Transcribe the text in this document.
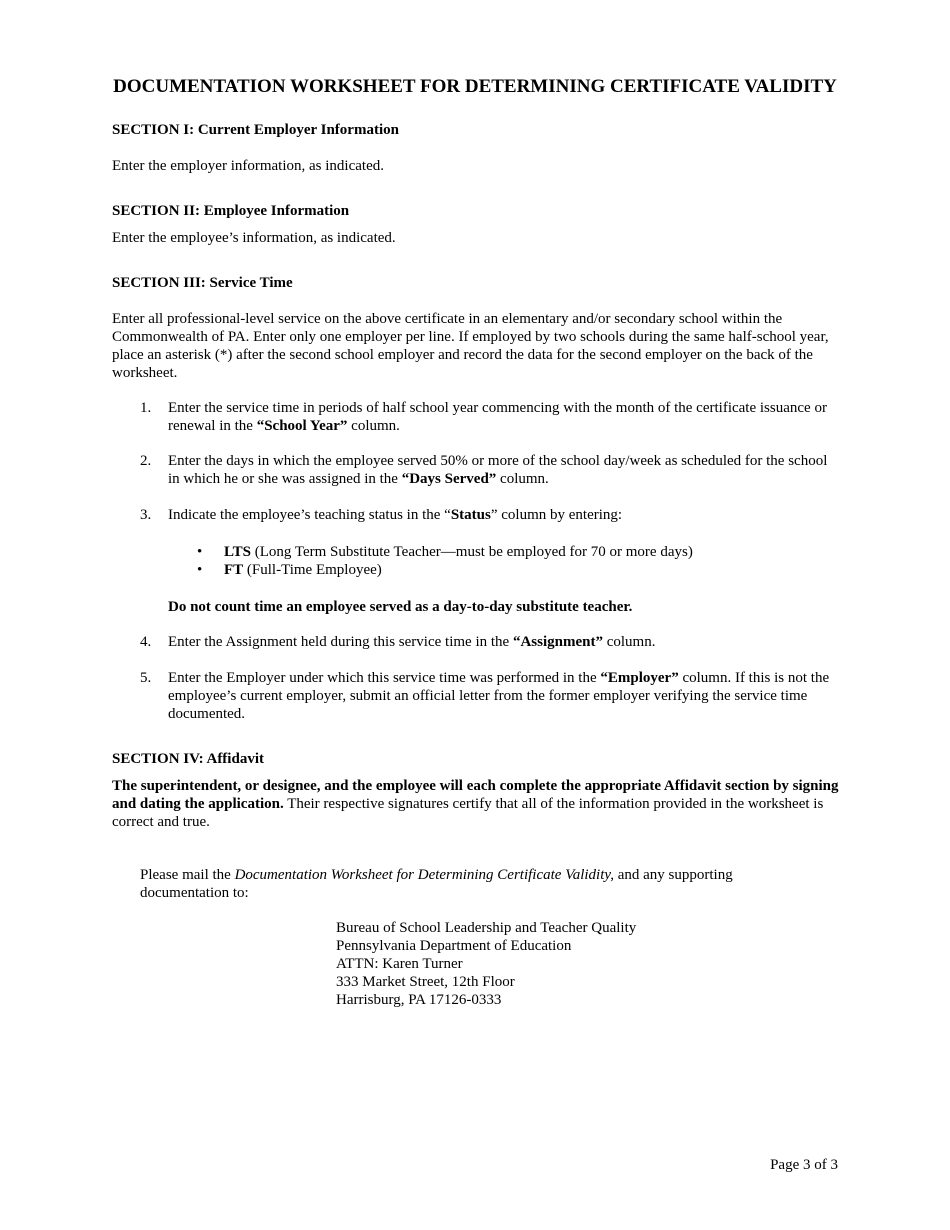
DOCUMENTATION WORKSHEET FOR DETERMINING CERTIFICATE VALIDITY
SECTION I: Current Employer Information
Enter the employer information, as indicated.
SECTION II: Employee Information
Enter the employee’s information, as indicated.
SECTION III: Service Time
Enter all professional-level service on the above certificate in an elementary and/or secondary school within the Commonwealth of PA. Enter only one employer per line. If employed by two schools during the same half-school year, place an asterisk (*) after the second school employer and record the data for the second employer on the back of the worksheet.
1. Enter the service time in periods of half school year commencing with the month of the certificate issuance or renewal in the “School Year” column.
2. Enter the days in which the employee served 50% or more of the school day/week as scheduled for the school in which he or she was assigned in the “Days Served” column.
3. Indicate the employee’s teaching status in the “Status” column by entering:
• LTS (Long Term Substitute Teacher—must be employed for 70 or more days)
• FT (Full-Time Employee)
Do not count time an employee served as a day-to-day substitute teacher.
4. Enter the Assignment held during this service time in the “Assignment” column.
5. Enter the Employer under which this service time was performed in the “Employer” column. If this is not the employee’s current employer, submit an official letter from the former employer verifying the service time documented.
SECTION IV: Affidavit
The superintendent, or designee, and the employee will each complete the appropriate Affidavit section by signing and dating the application. Their respective signatures certify that all of the information provided in the worksheet is correct and true.
Please mail the Documentation Worksheet for Determining Certificate Validity, and any supporting documentation to:
Bureau of School Leadership and Teacher Quality
Pennsylvania Department of Education
ATTN: Karen Turner
333 Market Street, 12th Floor
Harrisburg, PA 17126-0333
Page 3 of 3
